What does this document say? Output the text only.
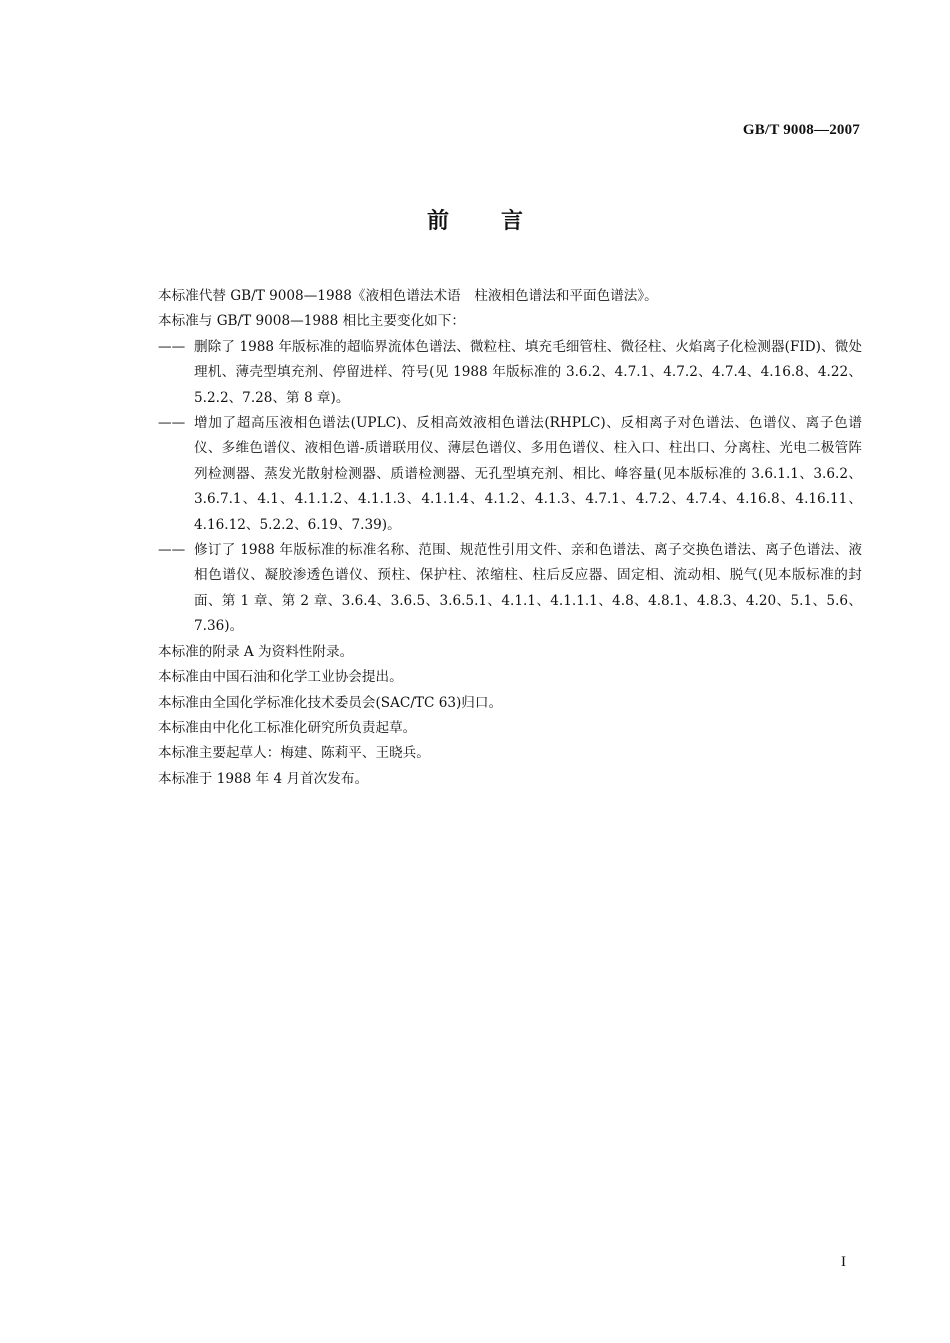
GB/T 9008—2007
前言

本标准代替 GB/T 9008—1988《液相色谱法术语　柱液相色谱法和平面色谱法》。

本标准与 GB/T 9008—1988 相比主要变化如下：

—— 删除了 1988 年版标准的超临界流体色谱法、微粒柱、填充毛细管柱、微径柱、火焰离子化检测器(FID)、微处理机、薄壳型填充剂、停留进样、符号(见 1988 年版标准的 3.6.2、4.7.1、4.7.2、4.7.4、4.16.8、4.22、5.2.2、7.28、第 8 章)。
—— 增加了超高压液相色谱法(UPLC)、反相高效液相色谱法(RHPLC)、反相离子对色谱法、色谱仪、离子色谱仪、多维色谱仪、液相色谱-质谱联用仪、薄层色谱仪、多用色谱仪、柱入口、柱出口、分离柱、光电二极管阵列检测器、蒸发光散射检测器、质谱检测器、无孔型填充剂、相比、峰容量(见本版标准的 3.6.1.1、3.6.2、3.6.7.1、4.1、4.1.1.2、4.1.1.3、4.1.1.4、4.1.2、4.1.3、4.7.1、4.7.2、4.7.4、4.16.8、4.16.11、4.16.12、5.2.2、6.19、7.39)。
—— 修订了 1988 年版标准的标准名称、范围、规范性引用文件、亲和色谱法、离子交换色谱法、离子色谱法、液相色谱仪、凝胶渗透色谱仪、预柱、保护柱、浓缩柱、柱后反应器、固定相、流动相、脱气(见本版标准的封面、第 1 章、第 2 章、3.6.4、3.6.5、3.6.5.1、4.1.1、4.1.1.1、4.8、4.8.1、4.8.3、4.20、5.1、5.6、7.36)。

本标准的附录 A 为资料性附录。

本标准由中国石油和化学工业协会提出。

本标准由全国化学标准化技术委员会(SAC/TC 63)归口。

本标准由中化化工标准化研究所负责起草。

本标准主要起草人：梅建、陈莉平、王晓兵。

本标准于 1988 年 4 月首次发布。

I
